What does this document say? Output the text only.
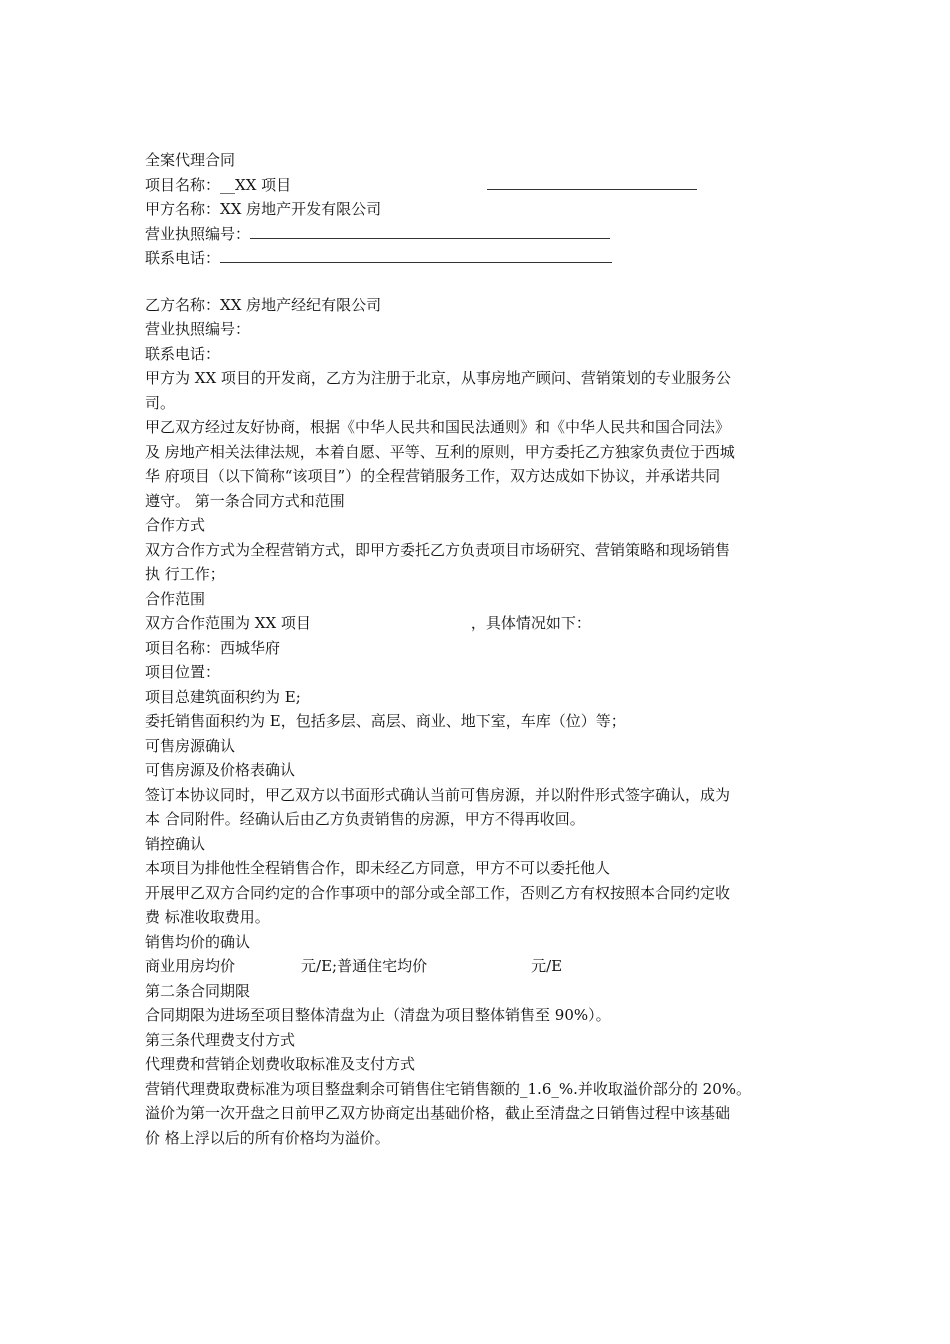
全案代理合同
项目名称：__XX 项目
甲方名称：XX 房地产开发有限公司
营业执照编号：
联系电话：
乙方名称：XX 房地产经纪有限公司
营业执照编号：
联系电话：
甲方为 XX 项目的开发商，乙方为注册于北京，从事房地产顾问、营销策划的专业服务公
司。
甲乙双方经过友好协商，根据《中华人民共和国民法通则》和《中华人民共和国合同法》
及 房地产相关法律法规，本着自愿、平等、互利的原则，甲方委托乙方独家负责位于西城
华 府项目（以下简称“该项目”）的全程营销服务工作，双方达成如下协议，并承诺共同
遵守。 第一条合同方式和范围
合作方式
双方合作方式为全程营销方式，即甲方委托乙方负责项目市场研究、营销策略和现场销售
执 行工作；
合作范围
双方合作范围为 XX 项目	，具体情况如下：
项目名称：西城华府
项目位置：
项目总建筑面积约为 E;
委托销售面积约为 E，包括多层、高层、商业、地下室，车库（位）等；
可售房源确认
可售房源及价格表确认
签订本协议同时，甲乙双方以书面形式确认当前可售房源，并以附件形式签字确认，成为
本 合同附件。经确认后由乙方负责销售的房源，甲方不得再收回。
销控确认
本项目为排他性全程销售合作，即未经乙方同意，甲方不可以委托他人
开展甲乙双方合同约定的合作事项中的部分或全部工作，否则乙方有权按照本合同约定收
费 标准收取费用。
销售均价的确认
商业用房均价	元/E;普通住宅均价	元/E
第二条合同期限
合同期限为进场至项目整体清盘为止（清盘为项目整体销售至 90%）。
第三条代理费支付方式
代理费和营销企划费收取标准及支付方式
营销代理费取费标准为项目整盘剩余可销售住宅销售额的_1.6_%.并收取溢价部分的 20%。
溢价为第一次开盘之日前甲乙双方协商定出基础价格，截止至清盘之日销售过程中该基础
价 格上浮以后的所有价格均为溢价。
